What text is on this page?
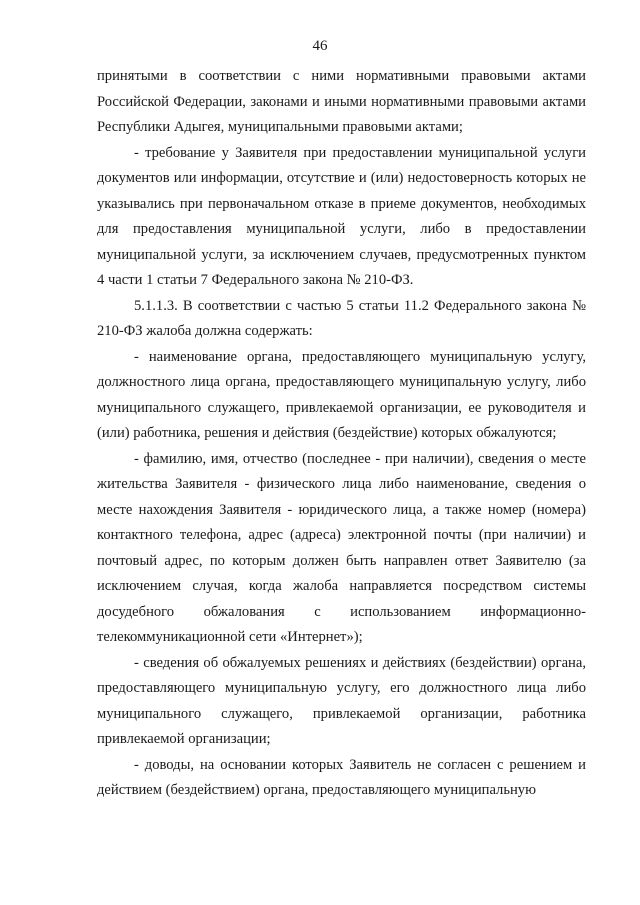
46

принятыми в соответствии с ними нормативными правовыми актами Российской Федерации, законами и иными нормативными правовыми актами Республики Адыгея, муниципальными правовыми актами;

- требование у Заявителя при предоставлении муниципальной услуги документов или информации, отсутствие и (или) недостоверность которых не указывались при первоначальном отказе в приеме документов, необходимых для предоставления муниципальной услуги, либо в предоставлении муниципальной услуги, за исключением случаев, предусмотренных пунктом 4 части 1 статьи 7 Федерального закона № 210-ФЗ.

5.1.1.3. В соответствии с частью 5 статьи 11.2 Федерального закона № 210-ФЗ жалоба должна содержать:

- наименование органа, предоставляющего муниципальную услугу, должностного лица органа, предоставляющего муниципальную услугу, либо муниципального служащего, привлекаемой организации, ее руководителя и (или) работника, решения и действия (бездействие) которых обжалуются;

- фамилию, имя, отчество (последнее - при наличии), сведения о месте жительства Заявителя - физического лица либо наименование, сведения о месте нахождения Заявителя - юридического лица, а также номер (номера) контактного телефона, адрес (адреса) электронной почты (при наличии) и почтовый адрес, по которым должен быть направлен ответ Заявителю (за исключением случая, когда жалоба направляется посредством системы досудебного обжалования с использованием информационно-телекоммуникационной сети «Интернет»);

- сведения об обжалуемых решениях и действиях (бездействии) органа, предоставляющего муниципальную услугу, его должностного лица либо муниципального служащего, привлекаемой организации, работника привлекаемой организации;

- доводы, на основании которых Заявитель не согласен с решением и действием (бездействием) органа, предоставляющего муниципальную
